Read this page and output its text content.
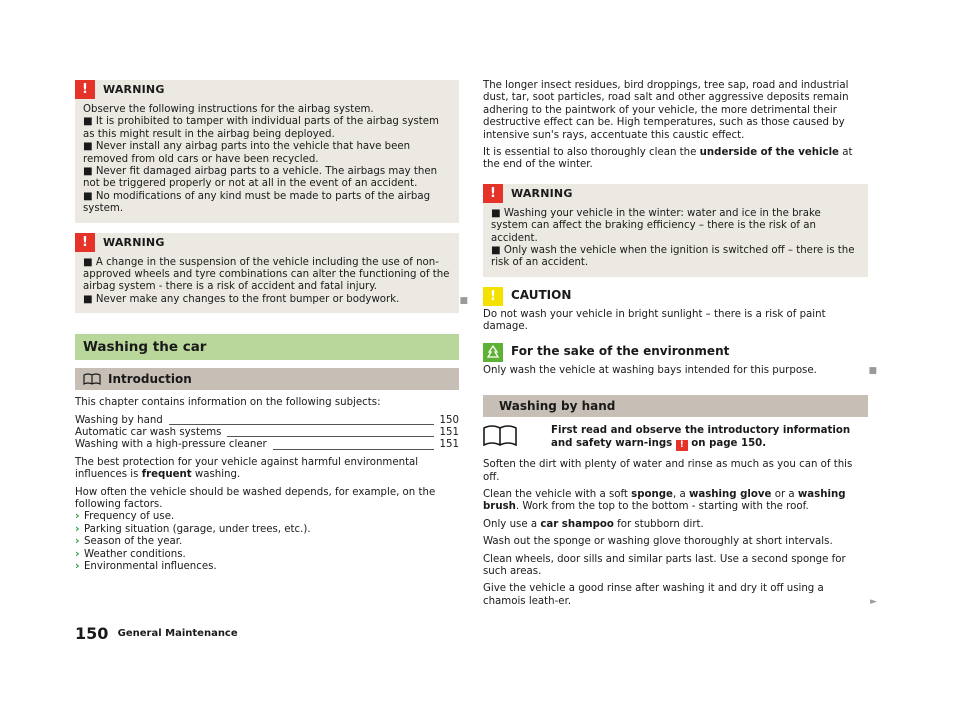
!	WARNING

Observe the following instructions for the airbag system.

■ It is prohibited to tamper with individual parts of the airbag system as this might result in the airbag being deployed.

■ Never install any airbag parts into the vehicle that have been removed from old cars or have been recycled.

■ Never fit damaged airbag parts to a vehicle. The airbags may then not be triggered properly or not at all in the event of an accident.

■ No modifications of any kind must be made to parts of the airbag system.

!	WARNING

■ A change in the suspension of the vehicle including the use of non-approved wheels and tyre combinations can alter the functioning of the airbag system - there is a risk of accident and fatal injury.

■ Never make any changes to the front bumper or bodywork.	■
Washing the car
Introduction

This chapter contains information on the following subjects:

Washing by hand	150
Automatic car wash systems	151
Washing with a high-pressure cleaner	151

The best protection for your vehicle against harmful environmental influences is frequent washing.

How often the vehicle should be washed depends, for example, on the following factors.

› Frequency of use.
› Parking situation (garage, under trees, etc.).
› Season of the year.
› Weather conditions.
› Environmental influences.

The longer insect residues, bird droppings, tree sap, road and industrial dust, tar, soot particles, road salt and other aggressive deposits remain adhering to the paintwork of your vehicle, the more detrimental their destructive effect can be. High temperatures, such as those caused by intensive sun's rays, accentuate this caustic effect.

It is essential to also thoroughly clean the underside of the vehicle at the end of the winter.

!	WARNING

■ Washing your vehicle in the winter: water and ice in the brake system can affect the braking efficiency – there is the risk of an accident.

■ Only wash the vehicle when the ignition is switched off – there is the risk of an accident.

!	CAUTION

Do not wash your vehicle in bright sunlight – there is a risk of paint damage.

For the sake of the environment

Only wash the vehicle at washing bays intended for this purpose.	■

Washing by hand
First read and observe the introductory information and safety warn-ings ! on page 150.

Soften the dirt with plenty of water and rinse as much as you can of this off.

Clean the vehicle with a soft sponge, a washing glove or a washing brush. Work from the top to the bottom - starting with the roof.

Only use a car shampoo for stubborn dirt.

Wash out the sponge or washing glove thoroughly at short intervals.

Clean wheels, door sills and similar parts last. Use a second sponge for such areas.

Give the vehicle a good rinse after washing it and dry it off using a chamois leath-er.	►

150 General Maintenance
